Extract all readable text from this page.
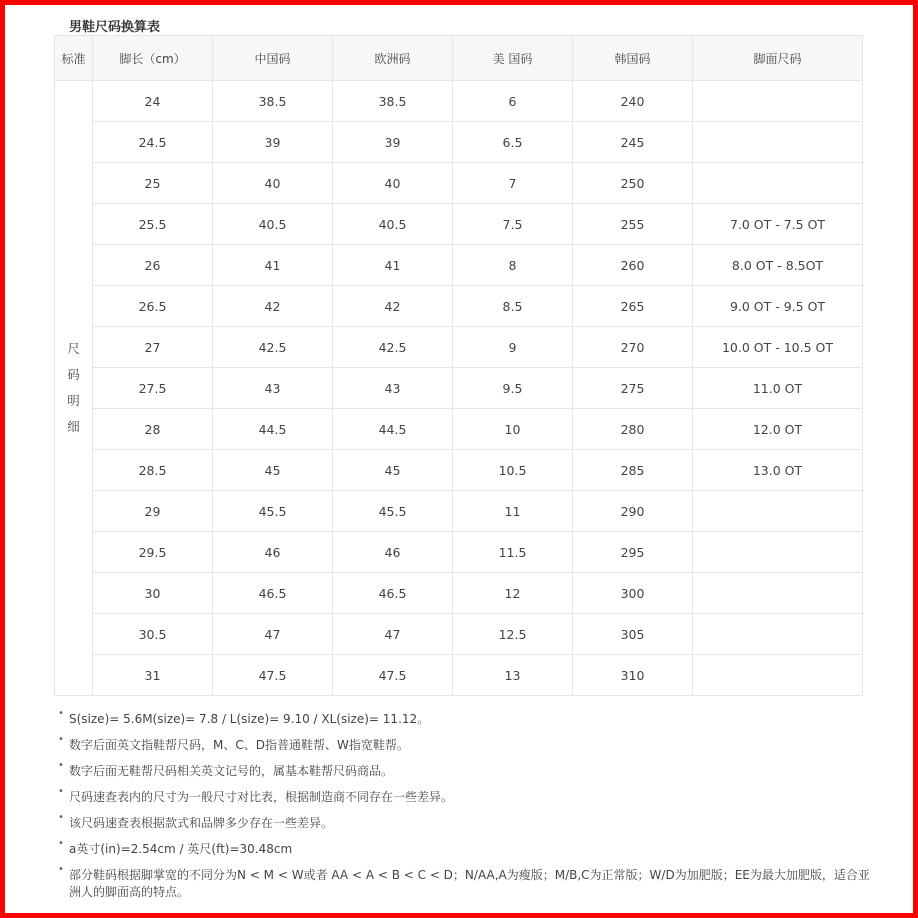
男鞋尺码换算表
标准	脚长（cm）	中国码	欧洲码	美 国码	韩国码	脚面尺码

尺
码
明
细	24	38.5	38.5	6	240	
	24.5	39	39	6.5	245	
	25	40	40	7	250	
	25.5	40.5	40.5	7.5	255	7.0 OT - 7.5 OT
	26	41	41	8	260	8.0 OT - 8.5OT
	26.5	42	42	8.5	265	9.0 OT - 9.5 OT
	27	42.5	42.5	9	270	10.0 OT - 10.5 OT
	27.5	43	43	9.5	275	11.0 OT
	28	44.5	44.5	10	280	12.0 OT
	28.5	45	45	10.5	285	13.0 OT
	29	45.5	45.5	11	290	
	29.5	46	46	11.5	295	
	30	46.5	46.5	12	300	
	30.5	47	47	12.5	305	
	31	47.5	47.5	13	310	
• S(size)= 5.6M(size)= 7.8 / L(size)= 9.10 / XL(size)= 11.12。
• 数字后面英文指鞋帮尺码，M、C、D指普通鞋帮、W指宽鞋帮。
• 数字后面无鞋帮尺码相关英文记号的，属基本鞋帮尺码商品。
• 尺码速查表内的尺寸为一般尺寸对比表，根据制造商不同存在一些差异。
• 该尺码速查表根据款式和品牌多少存在一些差异。
• a英寸(in)=2.54cm / 英尺(ft)=30.48cm
• 部分鞋码根据脚掌宽的不同分为N < M < W或者 AA < A < B < C < D；N/AA,A为瘦版；M/B,C为正常版；W/D为加肥版；EE为最大加肥版，适合亚洲人的脚面高的特点。
